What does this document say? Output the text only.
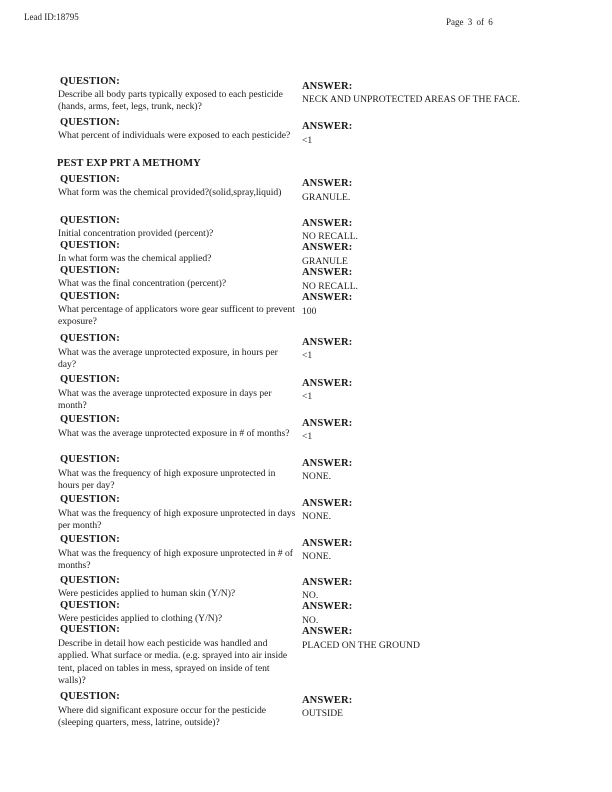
Lead ID:18795	Page 3 of 6
QUESTION:
Describe all body parts typically exposed to each pesticide (hands, arms, feet, legs, trunk, neck)?
ANSWER:
NECK AND UNPROTECTED AREAS OF THE FACE.
QUESTION:
What percent of individuals were exposed to each pesticide?
ANSWER:
<1
PEST EXP PRT A METHOMY
QUESTION:
What form was the chemical provided?(solid,spray,liquid)
ANSWER:
GRANULE.
QUESTION:
Initial concentration provided (percent)?
ANSWER:
NO RECALL.
QUESTION:
In what form was the chemical applied?
ANSWER:
GRANULE
QUESTION:
What was the final concentration (percent)?
ANSWER:
NO RECALL.
QUESTION:
What percentage of applicators wore gear sufficent to prevent exposure?
ANSWER:
100
QUESTION:
What was the average unprotected exposure, in hours per day?
ANSWER:
<1
QUESTION:
What was the average unprotected exposure in days per month?
ANSWER:
<1
QUESTION:
What was the average unprotected exposure in # of months?
ANSWER:
<1
QUESTION:
What was the frequency of high exposure unprotected in hours per day?
ANSWER:
NONE.
QUESTION:
What was the frequency of high exposure unprotected in days per month?
ANSWER:
NONE.
QUESTION:
What was the frequency of high exposure unprotected in # of months?
ANSWER:
NONE.
QUESTION:
Were pesticides applied to human skin (Y/N)?
ANSWER:
NO.
QUESTION:
Were pesticides applied to clothing (Y/N)?
ANSWER:
NO.
QUESTION:
Describe in detail how each pesticide was handled and applied. What surface or media. (e.g. sprayed into air inside tent, placed on tables in mess, sprayed on inside of tent walls)?
ANSWER:
PLACED ON THE GROUND
QUESTION:
Where did significant exposure occur for the pesticide (sleeping quarters, mess, latrine, outside)?
ANSWER:
OUTSIDE
